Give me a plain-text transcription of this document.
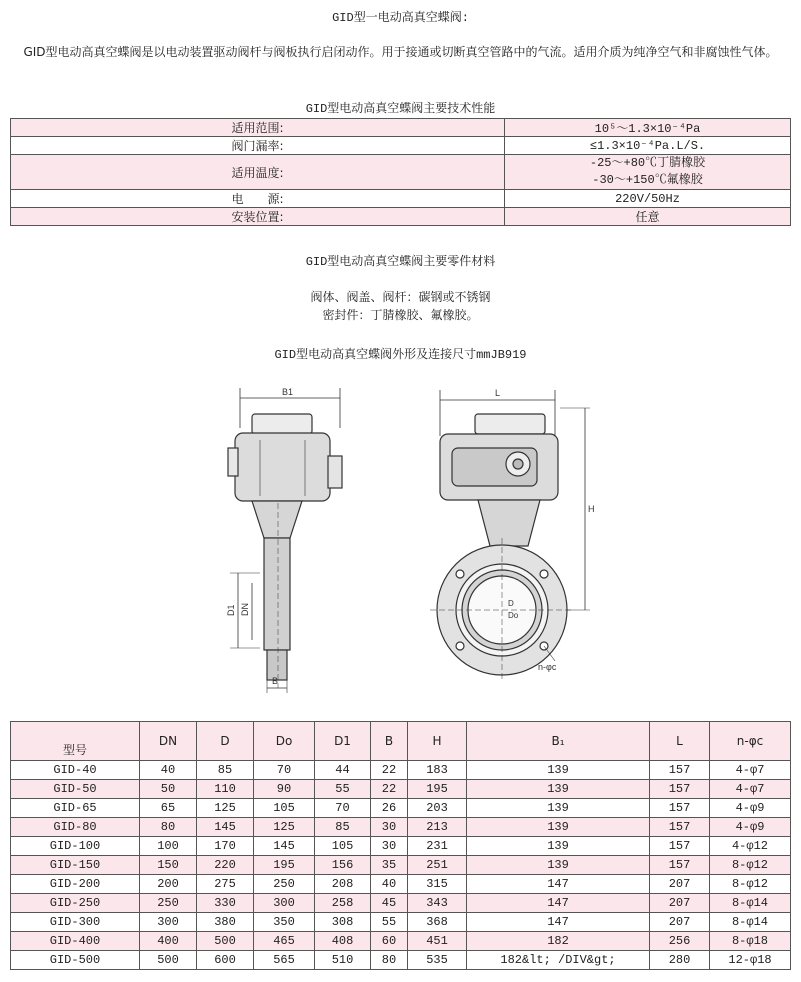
GID型一电动高真空蝶阀:
GID型电动高真空蝶阀是以电动装置驱动阀杆与阀板执行启闭动作。用于接通或切断真空管路中的气流。适用介质为纯净空气和非腐蚀性气体。
GID型电动高真空蝶阀主要技术性能
适用范围:	10⁵～1.3×10⁻⁴Pa
阀门漏率:	≤1.3×10⁻⁴Pa.L/S.
适用温度:	-25～+80℃丁腈橡胶
-30～+150℃氟橡胶

电　　源:	220V/50Hz
安装位置:	任意
GID型电动高真空蝶阀主要零件材料
阀体、阀盖、阀杆：碳钢或不锈钢
密封件：丁腈橡胶、氟橡胶。
GID型电动高真空蝶阀外形及连接尺寸mmJB919
B1
D1 DN
B
L
H
D
Do
n-φc
型号	DN	D	Do	D1	B	H	B₁	L	n-φc
GID-40	40	85	70	44	22	183	139	157	4-φ7
GID-50	50	110	90	55	22	195	139	157	4-φ7
GID-65	65	125	105	70	26	203	139	157	4-φ9
GID-80	80	145	125	85	30	213	139	157	4-φ9
GID-100	100	170	145	105	30	231	139	157	4-φ12
GID-150	150	220	195	156	35	251	139	157	8-φ12
GID-200	200	275	250	208	40	315	147	207	8-φ12
GID-250	250	330	300	258	45	343	147	207	8-φ14
GID-300	300	380	350	308	55	368	147	207	8-φ14
GID-400	400	500	465	408	60	451	182	256	8-φ18
GID-500	500	600	565	510	80	535	182&lt; /DIV&gt;	280	12-φ18
